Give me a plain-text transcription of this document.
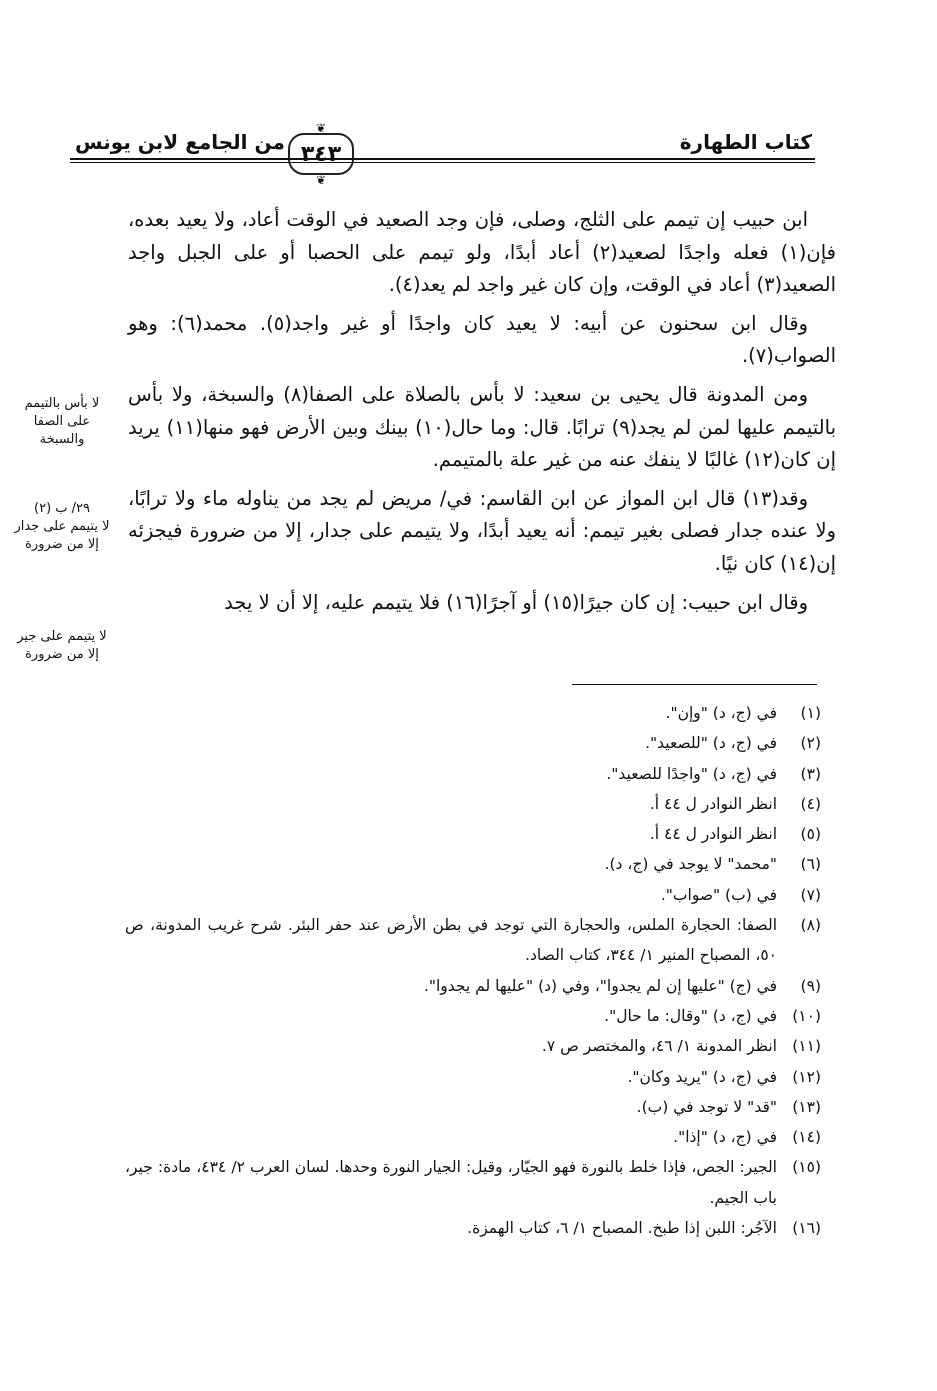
كتاب الطهارة
❦
٣٤٣
❦
من الجامع لابن يونس

ابن حبيب إن تيمم على الثلج، وصلى، فإن وجد الصعيد في الوقت أعاد، ولا يعيد بعده، فإن(١) فعله واجدًا لصعيد(٢) أعاد أبدًا، ولو تيمم على الحصبا أو على الجبل واجد الصعيد(٣) أعاد في الوقت، وإن كان غير واجد لم يعد(٤).

وقال ابن سحنون عن أبيه: لا يعيد كان واجدًا أو غير واجد(٥). محمد(٦): وهو الصواب(٧).

ومن المدونة قال يحيى بن سعيد: لا بأس بالصلاة على الصفا(٨) والسبخة، ولا بأس بالتيمم عليها لمن لم يجد(٩) ترابًا. قال: وما حال(١٠) بينك وبين الأرض فهو منها(١١) يريد إن كان(١٢) غالبًا لا ينفك عنه من غير علة بالمتيمم.

وقد(١٣) قال ابن المواز عن ابن القاسم: في/ مريض لم يجد من يناوله ماء ولا ترابًا، ولا عنده جدار فصلى بغير تيمم: أنه يعيد أبدًا، ولا يتيمم على جدار، إلا من ضرورة فيجزئه إن(١٤) كان نيًا.

وقال ابن حبيب: إن كان جيرًا(١٥) أو آجرًا(١٦) فلا يتيمم عليه، إلا أن لا يجد

لا بأس بالتيمم على الصفا والسبخة
٢٩/ ب (٢)
لا يتيمم على جدار إلا من ضرورة
لا يتيمم على جير إلا من ضرورة
(١)
في (ج، د) "وإن".
(٢)
في (ج، د) "للصعيد".
(٣)
في (ج، د) "واجدًا للصعيد".
(٤)
انظر النوادر ل ٤٤ أ.
(٥)
انظر النوادر ل ٤٤ أ.
(٦)
"محمد" لا يوجد في (ج، د).
(٧)
في (ب) "صواب".
(٨)
الصفا: الحجارة الملس، والحجارة التي توجد في بطن الأرض عند حفر البئر. شرح غريب المدونة، ص ٥٠، المصباح المنير ١/ ٣٤٤، كتاب الصاد.
(٩)
في (ج) "عليها إن لم يجدوا"، وفي (د) "عليها لم يجدوا".
(١٠)
في (ج، د) "وقال: ما حال".
(١١)
انظر المدونة ١/ ٤٦، والمختصر ص ٧.
(١٢)
في (ج، د) "يريد وكان".
(١٣)
"قد" لا توجد في (ب).
(١٤)
في (ج، د) "إذا".
(١٥)
الجير: الجص، فإذا خلط بالنورة فهو الجيّار، وقيل: الجيار النورة وحدها. لسان العرب ٢/ ٤٣٤، مادة: جير، باب الجيم.
(١٦)
الآجُر: اللبن إذا طبخ. المصباح ١/ ٦، كتاب الهمزة.
